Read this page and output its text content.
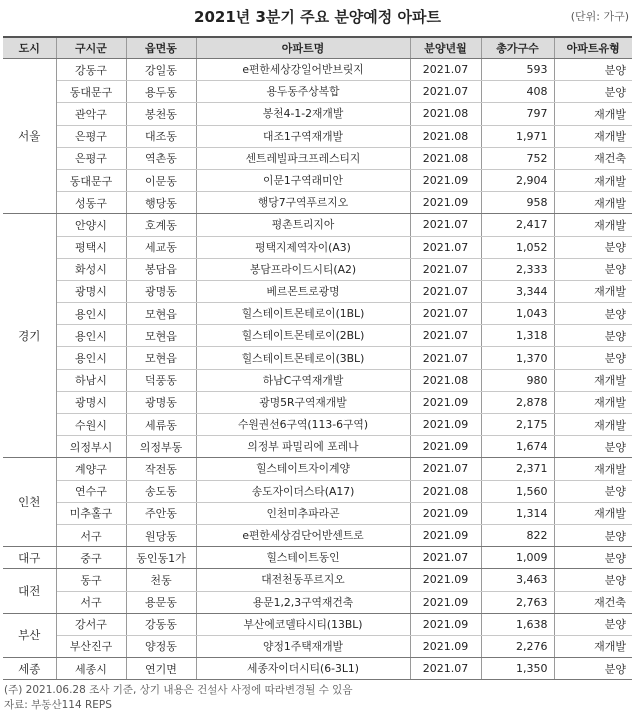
2021년 3분기 주요 분양예정 아파트	(단위: 가구)
도시	구시군	읍면동	아파트명	분양년월	총가구수	아파트유형
서울	강동구	강일동	e편한세상강일어반브릿지	2021.07	593	분양
	동대문구	용두동	용두동주상복합	2021.07	408	분양
	관악구	봉천동	봉천4-1-2재개발	2021.08	797	재개발
	은평구	대조동	대조1구역재개발	2021.08	1,971	재개발
	은평구	역촌동	센트레빌파크프레스티지	2021.08	752	재건축
	동대문구	이문동	이문1구역래미안	2021.09	2,904	재개발
	성동구	행당동	행당7구역푸르지오	2021.09	958	재개발
경기	안양시	호계동	평촌트리지아	2021.07	2,417	재개발
	평택시	세교동	평택지제역자이(A3)	2021.07	1,052	분양
	화성시	봉담읍	봉담프라이드시티(A2)	2021.07	2,333	분양
	광명시	광명동	베르몬트로광명	2021.07	3,344	재개발
	용인시	모현읍	힐스테이트몬테로이(1BL)	2021.07	1,043	분양
	용인시	모현읍	힐스테이트몬테로이(2BL)	2021.07	1,318	분양
	용인시	모현읍	힐스테이트몬테로이(3BL)	2021.07	1,370	분양
	하남시	덕풍동	하남C구역재개발	2021.08	980	재개발
	광명시	광명동	광명5R구역재개발	2021.09	2,878	재개발
	수원시	세류동	수원권선6구역(113-6구역)	2021.09	2,175	재개발
	의정부시	의정부동	의정부 파밀리에 포레나	2021.09	1,674	분양
인천	계양구	작전동	힐스테이트자이계양	2021.07	2,371	재개발
	연수구	송도동	송도자이더스타(A17)	2021.08	1,560	분양
	미추홀구	주안동	인천미추파라곤	2021.09	1,314	재개발
	서구	원당동	e편한세상검단어반센트로	2021.09	822	분양
대구	중구	동인동1가	힐스테이트동인	2021.07	1,009	분양
대전	동구	천동	대전천동푸르지오	2021.09	3,463	분양
	서구	용문동	용문1,2,3구역재건축	2021.09	2,763	재건축
부산	강서구	강동동	부산에코델타시티(13BL)	2021.09	1,638	분양
	부산진구	양정동	양정1주택재개발	2021.09	2,276	재개발
세종	세종시	연기면	세종자이더시티(6-3L1)	2021.07	1,350	분양
(주) 2021.06.28 조사 기준, 상기 내용은 건설사 사정에 따라변경될 수 있음
자료: 부동산114 REPS
